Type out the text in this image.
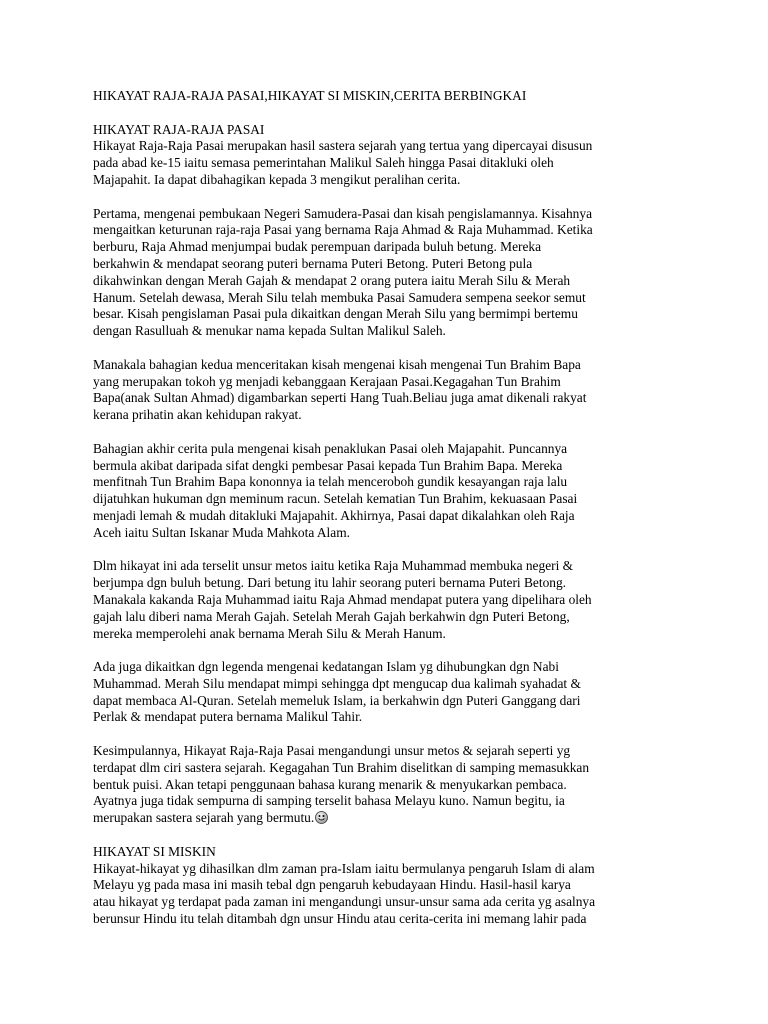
HIKAYAT RAJA-RAJA PASAI,HIKAYAT SI MISKIN,CERITA BERBINGKAI
HIKAYAT RAJA-RAJA PASAI
Hikayat Raja-Raja Pasai merupakan hasil sastera sejarah yang tertua yang dipercayai disusun
pada abad ke-15 iaitu semasa pemerintahan Malikul Saleh hingga Pasai ditakluki oleh
Majapahit. Ia dapat dibahagikan kepada 3 mengikut peralihan cerita.
Pertama, mengenai pembukaan Negeri Samudera-Pasai dan kisah pengislamannya. Kisahnya
mengaitkan keturunan raja-raja Pasai yang bernama Raja Ahmad & Raja Muhammad. Ketika
berburu, Raja Ahmad menjumpai budak perempuan daripada buluh betung. Mereka
berkahwin & mendapat seorang puteri bernama Puteri Betong. Puteri Betong pula
dikahwinkan dengan Merah Gajah & mendapat 2 orang putera iaitu Merah Silu & Merah
Hanum. Setelah dewasa, Merah Silu telah membuka Pasai Samudera sempena seekor semut
besar. Kisah pengislaman Pasai pula dikaitkan dengan Merah Silu yang bermimpi bertemu
dengan Rasulluah & menukar nama kepada Sultan Malikul Saleh.
Manakala bahagian kedua menceritakan kisah mengenai kisah mengenai Tun Brahim Bapa
yang merupakan tokoh yg menjadi kebanggaan Kerajaan Pasai.Kegagahan Tun Brahim
Bapa(anak Sultan Ahmad) digambarkan seperti Hang Tuah.Beliau juga amat dikenali rakyat
kerana prihatin akan kehidupan rakyat.
Bahagian akhir cerita pula mengenai kisah penaklukan Pasai oleh Majapahit. Puncannya
bermula akibat daripada sifat dengki pembesar Pasai kepada Tun Brahim Bapa. Mereka
menfitnah Tun Brahim Bapa kononnya ia telah menceroboh gundik kesayangan raja lalu
dijatuhkan hukuman dgn meminum racun. Setelah kematian Tun Brahim, kekuasaan Pasai
menjadi lemah & mudah ditakluki Majapahit. Akhirnya, Pasai dapat dikalahkan oleh Raja
Aceh iaitu Sultan Iskanar Muda Mahkota Alam.
Dlm hikayat ini ada terselit unsur metos iaitu ketika Raja Muhammad membuka negeri &
berjumpa dgn buluh betung. Dari betung itu lahir seorang puteri bernama Puteri Betong.
Manakala kakanda Raja Muhammad iaitu Raja Ahmad mendapat putera yang dipelihara oleh
gajah lalu diberi nama Merah Gajah. Setelah Merah Gajah berkahwin dgn Puteri Betong,
mereka memperolehi anak bernama Merah Silu & Merah Hanum.
Ada juga dikaitkan dgn legenda mengenai kedatangan Islam yg dihubungkan dgn Nabi
Muhammad. Merah Silu mendapat mimpi sehingga dpt mengucap dua kalimah syahadat &
dapat membaca Al-Quran. Setelah memeluk Islam, ia berkahwin dgn Puteri Ganggang dari
Perlak & mendapat putera bernama Malikul Tahir.
Kesimpulannya, Hikayat Raja-Raja Pasai mengandungi unsur metos & sejarah seperti yg
terdapat dlm ciri sastera sejarah. Kegagahan Tun Brahim diselitkan di samping memasukkan
bentuk puisi. Akan tetapi penggunaan bahasa kurang menarik & menyukarkan pembaca.
Ayatnya juga tidak sempurna di samping terselit bahasa Melayu kuno. Namun begitu, ia
merupakan sastera sejarah yang bermutu.
HIKAYAT SI MISKIN
Hikayat-hikayat yg dihasilkan dlm zaman pra-Islam iaitu bermulanya pengaruh Islam di alam
Melayu yg pada masa ini masih tebal dgn pengaruh kebudayaan Hindu. Hasil-hasil karya
atau hikayat yg terdapat pada zaman ini mengandungi unsur-unsur sama ada cerita yg asalnya
berunsur Hindu itu telah ditambah dgn unsur Hindu atau cerita-cerita ini memang lahir pada
